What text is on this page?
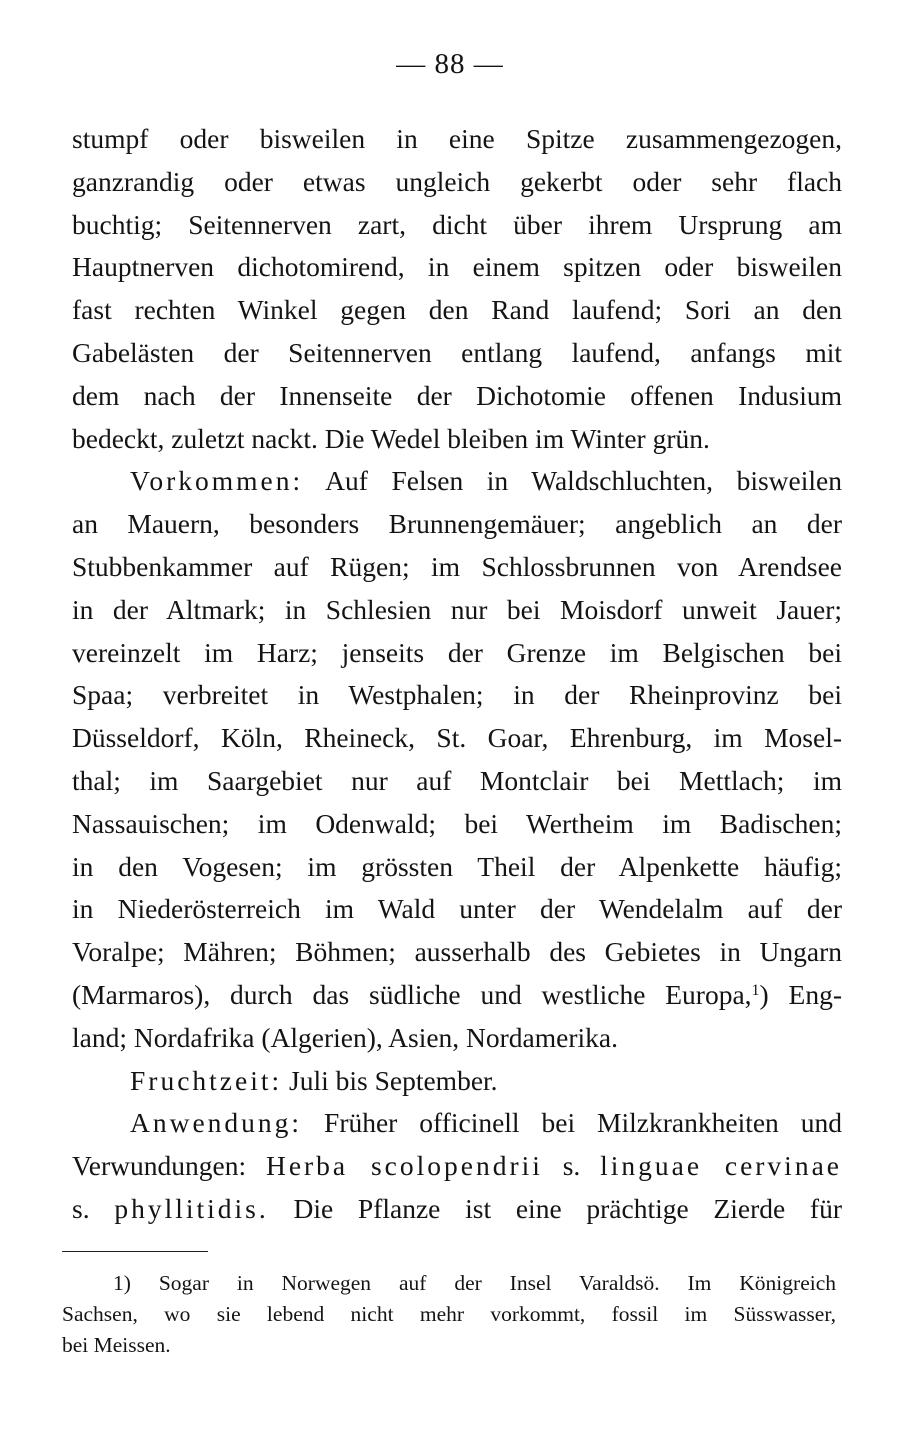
— 88 —
stumpf oder bisweilen in eine Spitze zusammengezogen,
ganzrandig oder etwas ungleich gekerbt oder sehr flach
buchtig; Seitennerven zart, dicht über ihrem Ursprung am
Hauptnerven dichotomirend, in einem spitzen oder bisweilen
fast rechten Winkel gegen den Rand laufend; Sori an den
Gabelästen der Seitennerven entlang laufend, anfangs mit
dem nach der Innenseite der Dichotomie offenen Indusium
bedeckt, zuletzt nackt. Die Wedel bleiben im Winter grün.
Vorkommen: Auf Felsen in Waldschluchten, bisweilen
an Mauern, besonders Brunnengemäuer; angeblich an der
Stubbenkammer auf Rügen; im Schlossbrunnen von Arendsee
in der Altmark; in Schlesien nur bei Moisdorf unweit Jauer;
vereinzelt im Harz; jenseits der Grenze im Belgischen bei
Spaa; verbreitet in Westphalen; in der Rheinprovinz bei
Düsseldorf, Köln, Rheineck, St. Goar, Ehrenburg, im Mosel-
thal; im Saargebiet nur auf Montclair bei Mettlach; im
Nassauischen; im Odenwald; bei Wertheim im Badischen;
in den Vogesen; im grössten Theil der Alpenkette häufig;
in Niederösterreich im Wald unter der Wendelalm auf der
Voralpe; Mähren; Böhmen; ausserhalb des Gebietes in Ungarn
(Marmaros), durch das südliche und westliche Europa,$^1$) Eng-
land; Nordafrika (Algerien), Asien, Nordamerika.
Fruchtzeit: Juli bis September.
Anwendung: Früher officinell bei Milzkrankheiten und
Verwundungen: Herba scolopendrii s. linguae cervinae
s. phyllitidis. Die Pflanze ist eine prächtige Zierde für
1) Sogar in Norwegen auf der Insel Varaldsö. Im Königreich
Sachsen, wo sie lebend nicht mehr vorkommt, fossil im Süsswasser,
bei Meissen.
